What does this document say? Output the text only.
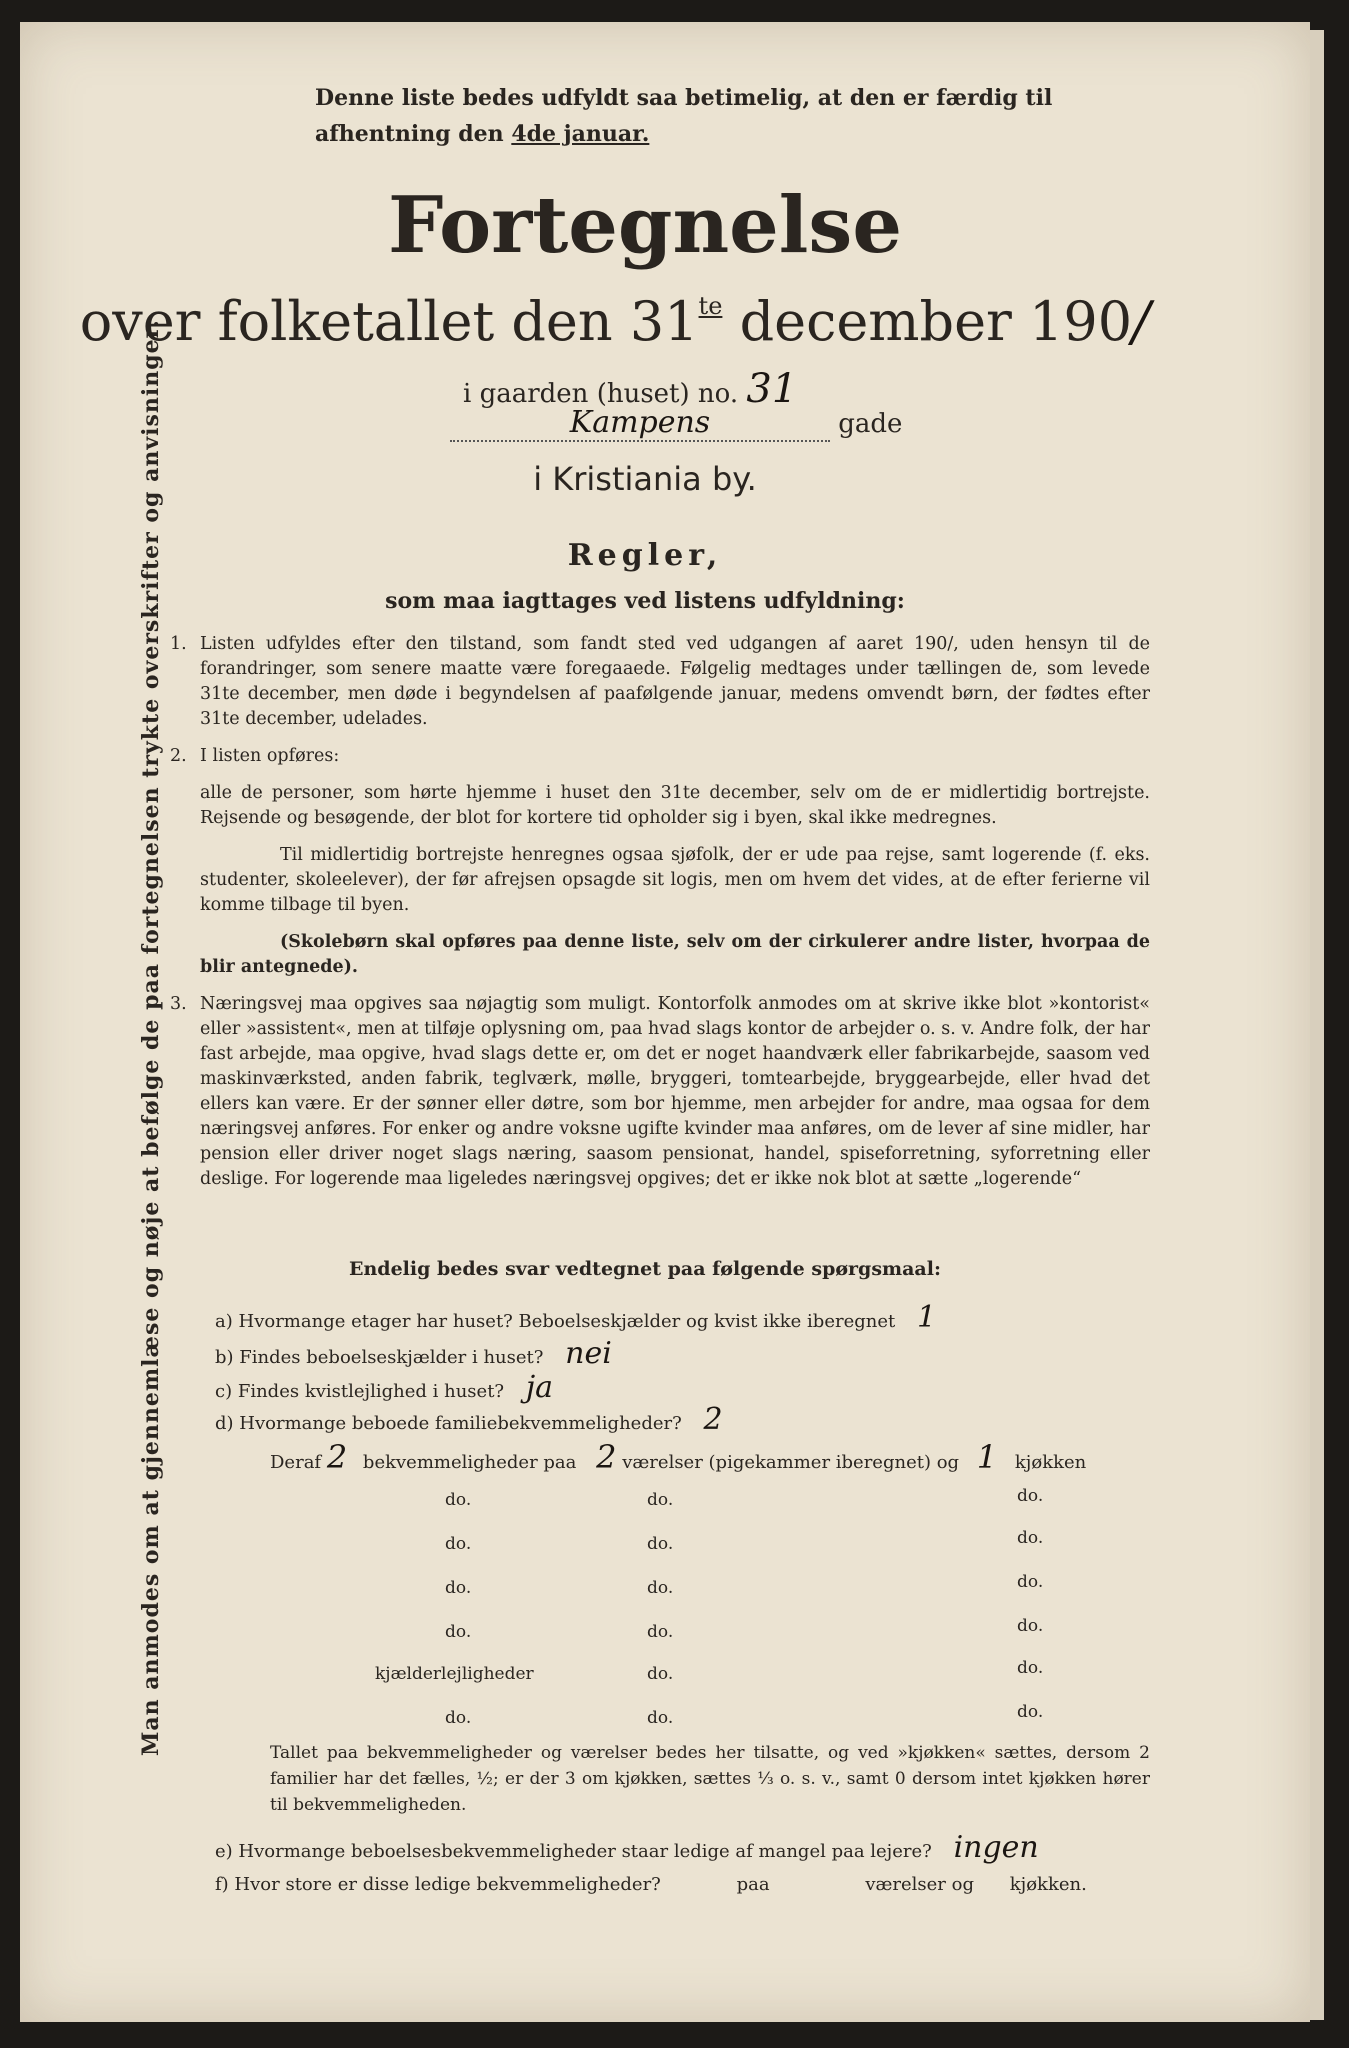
Man anmodes om at gjennemlæse og nøje at befølge de paa fortegnelsen trykte overskrifter og anvisninger.
Denne liste bedes udfyldt saa betimelig, at den er færdig til afhentning den 4de januar.
Fortegnelse
over folketallet den $31^{te}$ december 190/
i gaarden (huset) no. 31
Kampens	gade
i Kristiania by.
Regler,
som maa iagttages ved listens udfyldning:

1. Listen udfyldes efter den tilstand, som fandt sted ved udgangen af aaret 190/, uden hensyn til de forandringer, som senere maatte være foregaaede. Følgelig medtages under tællingen de, som levede 31te december, men døde i begyndelsen af paafølgende januar, medens omvendt børn, der fødtes efter 31te december, udelades.

2. I listen opføres:

alle de personer, som hørte hjemme i huset den 31te december, selv om de er midlertidig bortrejste. Rejsende og besøgende, der blot for kortere tid opholder sig i byen, skal ikke medregnes.

Til midlertidig bortrejste henregnes ogsaa sjøfolk, der er ude paa rejse, samt logerende (f. eks. studenter, skoleelever), der før afrejsen opsagde sit logis, men om hvem det vides, at de efter ferierne vil komme tilbage til byen.

(Skolebørn skal opføres paa denne liste, selv om der cirkulerer andre lister, hvorpaa de blir antegnede).

3. Næringsvej maa opgives saa nøjagtig som muligt. Kontorfolk anmodes om at skrive ikke blot »kontorist« eller »assistent«, men at tilføje oplysning om, paa hvad slags kontor de arbejder o. s. v. Andre folk, der har fast arbejde, maa opgive, hvad slags dette er, om det er noget haandværk eller fabrikarbejde, saasom ved maskinværksted, anden fabrik, teglværk, mølle, bryggeri, tomtearbejde, bryggearbejde, eller hvad det ellers kan være. Er der sønner eller døtre, som bor hjemme, men arbejder for andre, maa ogsaa for dem næringsvej anføres. For enker og andre voksne ugifte kvinder maa anføres, om de lever af sine midler, har pension eller driver noget slags næring, saasom pensionat, handel, spiseforretning, syforretning eller deslige. For logerende maa ligeledes næringsvej opgives; det er ikke nok blot at sætte „logerende“

Endelig bedes svar vedtegnet paa følgende spørgsmaal:
a) Hvormange etager har huset? Beboelseskjælder og kvist ikke iberegnet 1
b) Findes beboelseskjælder i huset? nei
c) Findes kvistlejlighed i huset? ja
d) Hvormange beboede familiebekvemmeligheder? 2
Deraf 2 bekvemmeligheder paa 2 værelser (pigekammer iberegnet) og 1 kjøkken
do.	do.	do.
do.	do.	do.
do.	do.	do.
do.	do.	do.
kjælderlejligheder	do.	do.
do.	do.	do.
Tallet paa bekvemmeligheder og værelser bedes her tilsatte, og ved »kjøkken« sættes, dersom 2 familier har det fælles, ½; er der 3 om kjøkken, sættes ⅓ o. s. v., samt 0 dersom intet kjøkken hører til bekvemmeligheden.
e) Hvormange beboelsesbekvemmeligheder staar ledige af mangel paa lejere? ingen
f) Hvor store er disse ledige bekvemmeligheder?	paa	værelser og kjøkken.
